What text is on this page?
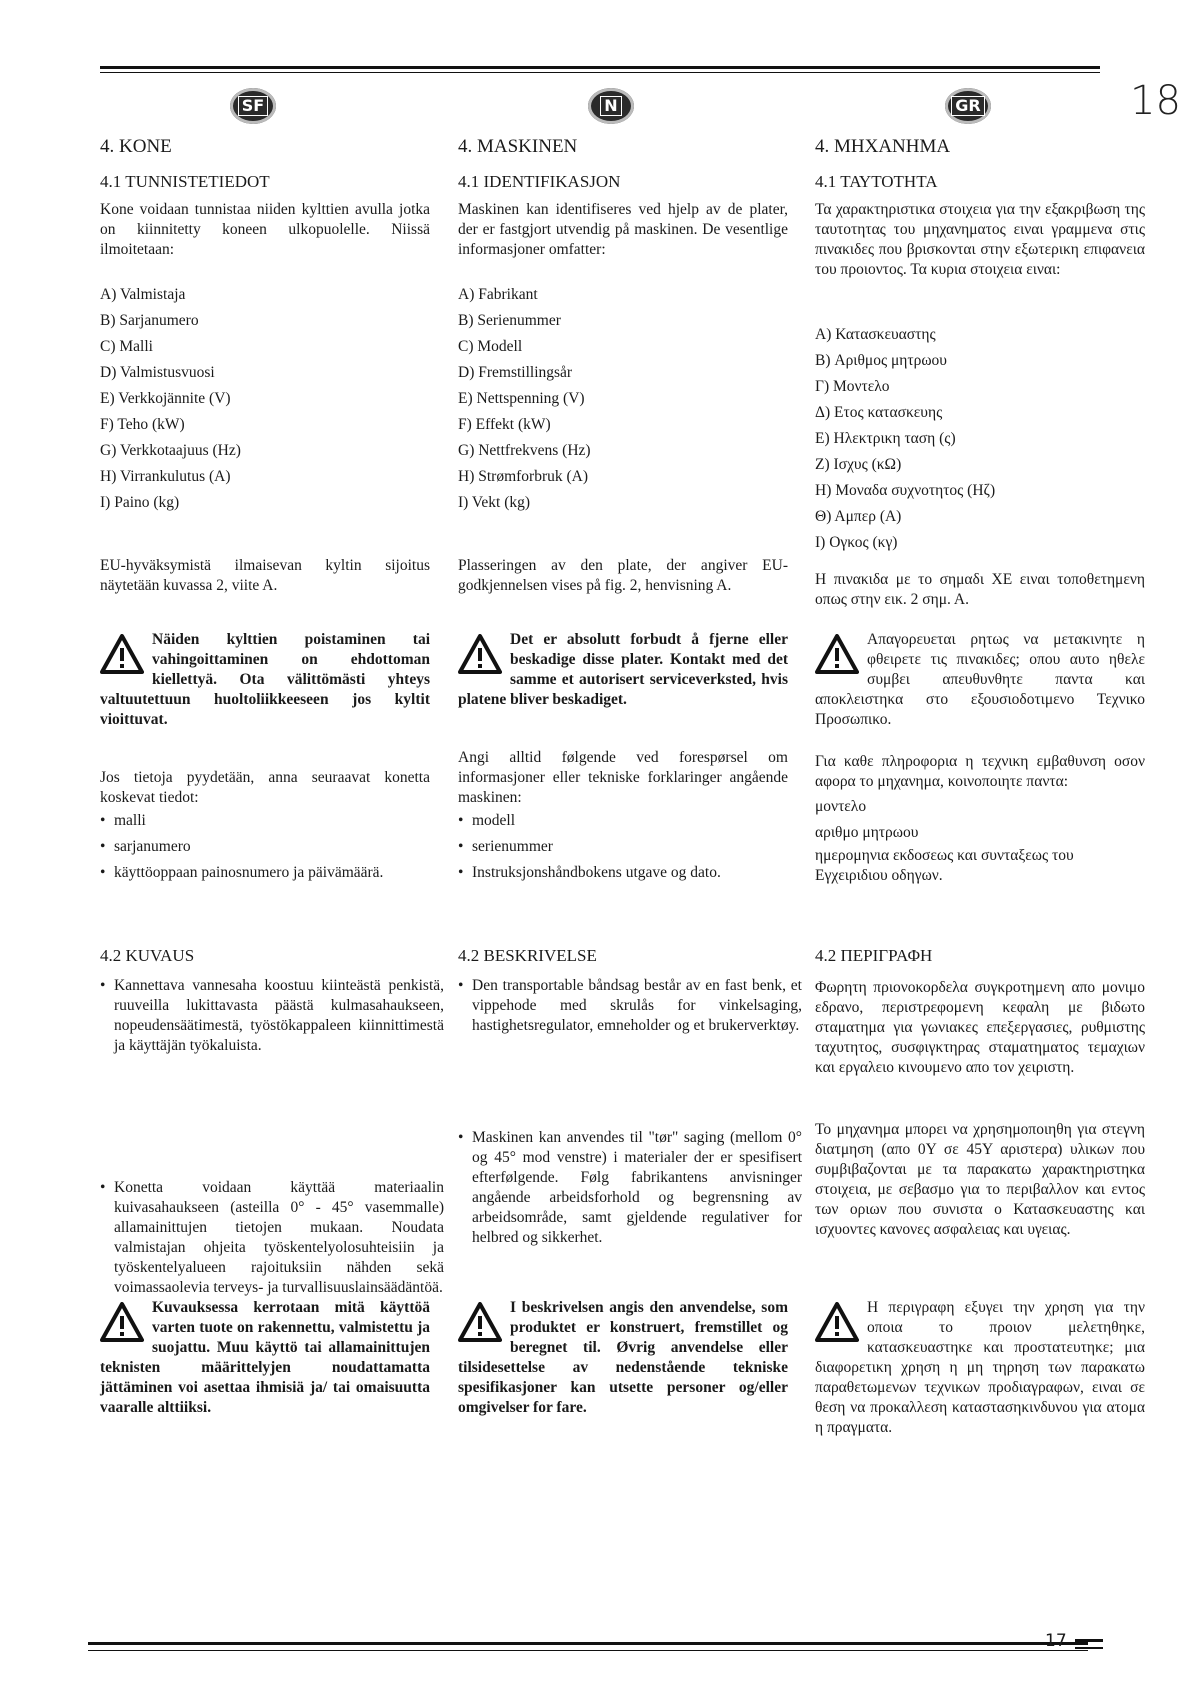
18
SF
4. KONE
4.1 TUNNISTETIEDOT
Kone voidaan tunnistaa niiden kylttien avulla jotka on kiinnitetty koneen ulkopuolelle. Niissä ilmoitetaan:
A) Valmistaja
B) Sarjanumero
C) Malli
D) Valmistusvuosi
E) Verkkojännite (V)
F) Teho (kW)
G) Verkkotaajuus (Hz)
H) Virrankulutus (A)
I) Paino (kg)
EU-hyväksymistä ilmaisevan kyltin sijoitus näytetään kuvassa 2, viite A.
Näiden kylttien poistaminen tai vahingoittaminen on ehdottoman kiellettyä. Ota välittömästi yhteys valtuutettuun huoltoliikkeeseen jos kyltit vioittuvat.
Jos tietoja pyydetään, anna seuraavat konetta koskevat tiedot:
• malli
• sarjanumero
• käyttöoppaan painosnumero ja päivämäärä.
4.2 KUVAUS
• Kannettava vannesaha koostuu kiinteästä penkistä, ruuveilla lukittavasta päästä kulmasahaukseen, nopeudensäätimestä, työstökappaleen kiinnittimestä ja käyttäjän työkaluista.
• Konetta voidaan käyttää materiaalin kuivasahaukseen (asteilla 0° - 45° vasemmalle) allamainittujen tietojen mukaan. Noudata valmistajan ohjeita työskentelyolosuhteisiin ja työskentelyalueen rajoituksiin nähden sekä voimassaolevia terveys- ja turvallisuuslainsäädäntöä.
Kuvauksessa kerrotaan mitä käyttöä varten tuote on rakennettu, valmistettu ja suojattu. Muu käyttö tai allamainittujen teknisten määrittelyjen noudattamatta jättäminen voi asettaa ihmisiä ja/ tai omaisuutta vaaralle alttiiksi.
N
4. MASKINEN
4.1 IDENTIFIKASJON
Maskinen kan identifiseres ved hjelp av de plater, der er fastgjort utvendig på maskinen. De vesentlige informasjoner omfatter:
A) Fabrikant
B) Serienummer
C) Modell
D) Fremstillingsår
E) Nettspenning (V)
F) Effekt (kW)
G) Nettfrekvens (Hz)
H) Strømforbruk (A)
I) Vekt (kg)
Plasseringen av den plate, der angiver EU-godkjennelsen vises på fig. 2, henvisning A.
Det er absolutt forbudt å fjerne eller beskadige disse plater. Kontakt med det samme et autorisert serviceverksted, hvis platene bliver beskadiget.
Angi alltid følgende ved forespørsel om informasjoner eller tekniske forklaringer angående maskinen:
• modell
• serienummer
• Instruksjonshåndbokens utgave og dato.
4.2 BESKRIVELSE
• Den transportable båndsag består av en fast benk, et vippehode med skrulås for vinkelsaging, hastighetsregulator, emneholder og et brukerverktøy.
• Maskinen kan anvendes til "tør" saging (mellom 0° og 45° mod venstre) i materialer der er spesifisert efterfølgende. Følg fabrikantens anvisninger angående arbeidsforhold og begrensning av arbeidsområde, samt gjeldende regulativer for helbred og sikkerhet.
I beskrivelsen angis den anvendelse, som produktet er konstruert, fremstillet og beregnet til. Øvrig anvendelse eller tilsidesettelse av nedenstående tekniske spesifikasjoner kan utsette personer og/eller omgivelser for fare.
GR
4. ΜΗΧΑΝΗΜΑ
4.1 ΤΑΥΤΟΤΗΤΑ
Τα χαρακτηριστικα στοιχεια για την εξακριβωση της ταυτοτητας του μηχανηματος ειναι γραμμενα στις πινακιδες που βρισκονται στην εξωτερικη επιφανεια του προιοντος. Τα κυρια στοιχεια ειναι:
A) Κατασκευαστης
B) Αριθμος μητρωου
Γ) Μοντελο
Δ) Ετος κατασκευης
E) Ηλεκτρικη ταση (ς)
Z) Ισχυς (κΩ)
H) Μοναδα συχνοτητος (Hζ)
Θ) Αμπερ (A)
I) Ογκος (κγ)
Η πινακιδα με το σημαδι ΧΕ ειναι τοποθετημενη οπως στην εικ. 2 σημ. Α.
Απαγορευεται ρητως να μετακινητε η φθειρετε τις πινακιδες; οπου αυτο ηθελε συμβει απευθυνθητε παντα και αποκλειστηκα στο εξουσιοδοτιμενο Τεχνικο Προσωπικο.
Για καθε πληροφορια η τεχνικη εμβαθυνση οσον αφορα το μηχανημα, κοινοποιητε παντα:
μοντελο
αριθμο μητρωου
ημερομηνια εκδοσεως και συνταξεως του Εγχειριδιου οδηγων.
4.2 ΠΕΡΙΓΡΑΦΗ
Φωρητη πριονοκορδελα συγκροτημενη απο μονιμο εδρανο, περιστρεφομενη κεφαλη με βιδωτο σταματημα για γωνιακες επεξεργασιες, ρυθμιστης ταχυτητος, συσφιγκτηρας σταματηματος τεμαχιων και εργαλειο κινουμενο απο τον χειριστη.
Το μηχανημα μπορει να χρησημοποιηθη για στεγνη διατμηση (απο 0Υ σε 45Υ αριστερα) υλικων που συμβιβαζονται με τα παρακατω χαρακτηριστηκα στοιχεια, με σεβασμο για το περιβαλλον και εντος των οριων που συνιστα ο Κατασκευαστης και ισχυοντες κανονες ασφαλειας και υγειας.
Η περιγραφη εξυγει την χρηση για την οποια το προιον μελετηθηκε, κατασκευαστηκε και προστατευτηκε; μια διαφορετικη χρηση η μη τηρηση των παρακατω παραθετωμενων τεχνικων προδιαγραφων, ειναι σε θεση να προκαλλεση καταστασηκινδυνου για ατομα η πραγματα.
17
